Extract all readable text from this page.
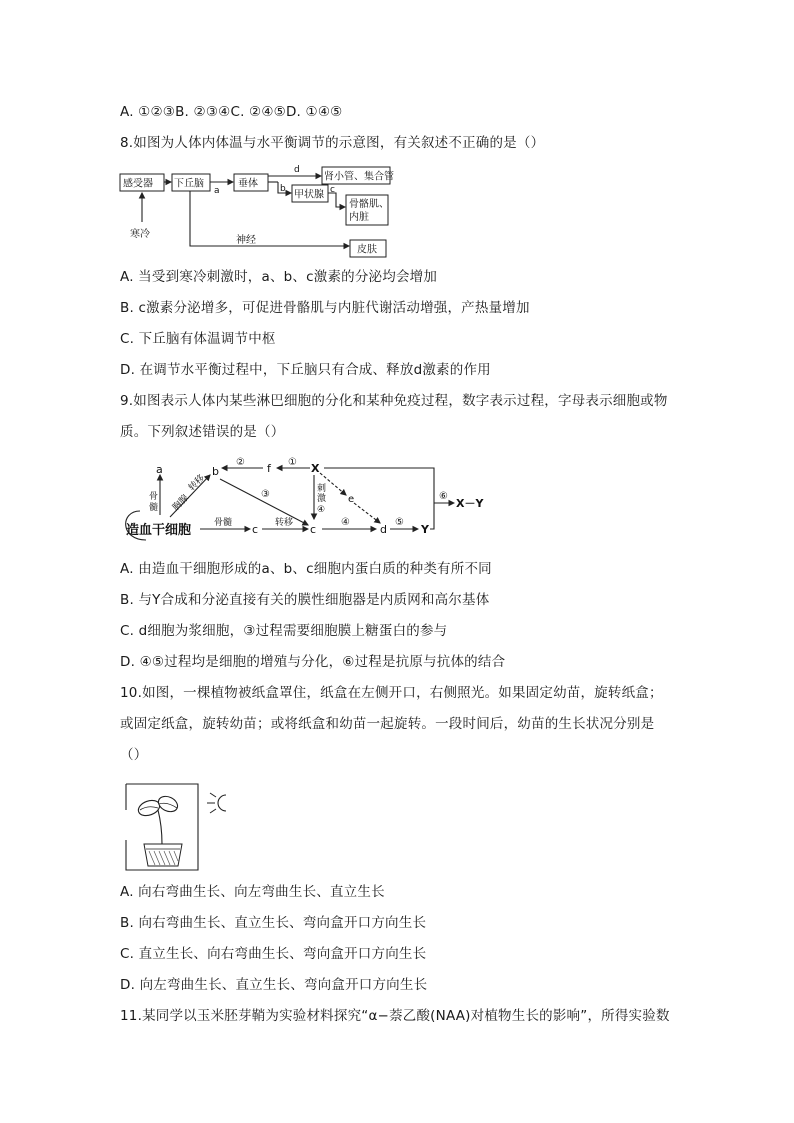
A. ①②③B. ②③④C. ②④⑤D. ①④⑤
8.如图为人体内体温与水平衡调节的示意图，有关叙述不正确的是（）
感受器 下丘脑	垂体
肾小管、集合管
甲状腺
骨骼肌、
内脏
皮肤
寒冷
神经
a	b	c
d
A. 当受到寒冷刺激时，a、b、c激素的分泌均会增加
B. c激素分泌增多，可促进骨骼肌与内脏代谢活动增强，产热量增加
C. 下丘脑有体温调节中枢
D. 在调节水平衡过程中，下丘脑只有合成、释放d激素的作用
9.如图表示人体内某些淋巴细胞的分化和某种免疫过程，数字表示过程，字母表示细胞或物
质。下列叙述错误的是（）
造血干细胞
骨
髓
a
胸腺
转移
b
② f ① X
③
骨髓 c 转移 c
刺
激
④
e
④
d
⑤
Y
⑥
X－Y
A. 由造血干细胞形成的a、b、c细胞内蛋白质的种类有所不同
B. 与Y合成和分泌直接有关的膜性细胞器是内质网和高尔基体
C. d细胞为浆细胞，③过程需要细胞膜上糖蛋白的参与
D. ④⑤过程均是细胞的增殖与分化，⑥过程是抗原与抗体的结合
10.如图，一棵植物被纸盒罩住，纸盒在左侧开口，右侧照光。如果固定幼苗，旋转纸盒；
或固定纸盒，旋转幼苗；或将纸盒和幼苗一起旋转。一段时间后，幼苗的生长状况分别是
（）
A. 向右弯曲生长、向左弯曲生长、直立生长
B. 向右弯曲生长、直立生长、弯向盒开口方向生长
C. 直立生长、向右弯曲生长、弯向盒开口方向生长
D. 向左弯曲生长、直立生长、弯向盒开口方向生长
11.某同学以玉米胚芽鞘为实验材料探究“α−萘乙酸(NAA)对植物生长的影响”，所得实验数
